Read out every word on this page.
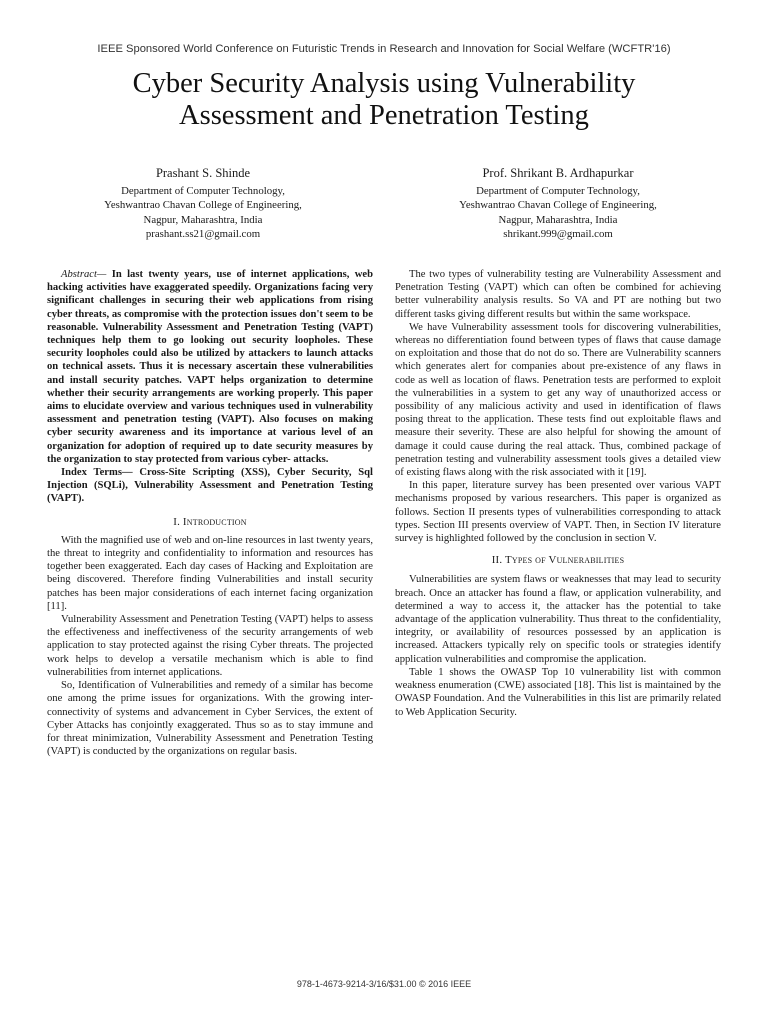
IEEE Sponsored World Conference on Futuristic Trends in Research and Innovation for Social Welfare (WCFTR'16)
Cyber Security Analysis using Vulnerability
Assessment and Penetration Testing
Prashant S. Shinde
Department of Computer Technology,
Yeshwantrao Chavan College of Engineering,
Nagpur, Maharashtra, India
prashant.ss21@gmail.com
Prof. Shrikant B. Ardhapurkar
Department of Computer Technology,
Yeshwantrao Chavan College of Engineering,
Nagpur, Maharashtra, India
shrikant.999@gmail.com

Abstract— In last twenty years, use of internet applications, web hacking activities have exaggerated speedily. Organizations facing very significant challenges in securing their web applications from rising cyber threats, as compromise with the protection issues don't seem to be reasonable. Vulnerability Assessment and Penetration Testing (VAPT) techniques help them to go looking out security loopholes. These security loopholes could also be utilized by attackers to launch attacks on technical assets. Thus it is necessary ascertain these vulnerabilities and install security patches. VAPT helps organization to determine whether their security arrangements are working properly. This paper aims to elucidate overview and various techniques used in vulnerability assessment and penetration testing (VAPT). Also focuses on making cyber security awareness and its importance at various level of an organization for adoption of required up to date security measures by the organization to stay protected from various cyber- attacks.

Index Terms— Cross-Site Scripting (XSS), Cyber Security, Sql Injection (SQLi), Vulnerability Assessment and Penetration Testing (VAPT).

I. Introduction

With the magnified use of web and on-line resources in last twenty years, the threat to integrity and confidentiality to information and resources has together been exaggerated. Each day cases of Hacking and Exploitation are being discovered. Therefore finding Vulnerabilities and install security patches has been major considerations of each internet facing organization [11].

Vulnerability Assessment and Penetration Testing (VAPT) helps to assess the effectiveness and ineffectiveness of the security arrangements of web application to stay protected against the rising Cyber threats. The projected work helps to develop a versatile mechanism which is able to find vulnerabilities from internet applications.

So, Identification of Vulnerabilities and remedy of a similar has become one among the prime issues for organizations. With the growing inter-connectivity of systems and advancement in Cyber Services, the extent of Cyber Attacks has conjointly exaggerated. Thus so as to stay immune and for threat minimization, Vulnerability Assessment and Penetration Testing (VAPT) is conducted by the organizations on regular basis.

The two types of vulnerability testing are Vulnerability Assessment and Penetration Testing (VAPT) which can often be combined for achieving better vulnerability analysis results. So VA and PT are nothing but two different tasks giving different results but within the same workspace.

We have Vulnerability assessment tools for discovering vulnerabilities, whereas no differentiation found between types of flaws that cause damage on exploitation and those that do not do so. There are Vulnerability scanners which generates alert for companies about pre-existence of any flaws in code as well as location of flaws. Penetration tests are performed to exploit the vulnerabilities in a system to get any way of unauthorized access or possibility of any malicious activity and used in identification of flaws posing threat to the application. These tests find out exploitable flaws and measure their severity. These are also helpful for showing the amount of damage it could cause during the real attack. Thus, combined package of penetration testing and vulnerability assessment tools gives a detailed view of existing flaws along with the risk associated with it [19].

In this paper, literature survey has been presented over various VAPT mechanisms proposed by various researchers. This paper is organized as follows. Section II presents types of vulnerabilities corresponding to attack types. Section III presents overview of VAPT. Then, in Section IV literature survey is highlighted followed by the conclusion in section V.

II. Types of Vulnerabilities

Vulnerabilities are system flaws or weaknesses that may lead to security breach. Once an attacker has found a flaw, or application vulnerability, and determined a way to access it, the attacker has the potential to take advantage of the application vulnerability. Thus threat to the confidentiality, integrity, or availability of resources possessed by an application is increased. Attackers typically rely on specific tools or strategies identify application vulnerabilities and compromise the application.

Table 1 shows the OWASP Top 10 vulnerability list with common weakness enumeration (CWE) associated [18]. This list is maintained by the OWASP Foundation. And the Vulnerabilities in this list are primarily related to Web Application Security.

978-1-4673-9214-3/16/$31.00 © 2016 IEEE
